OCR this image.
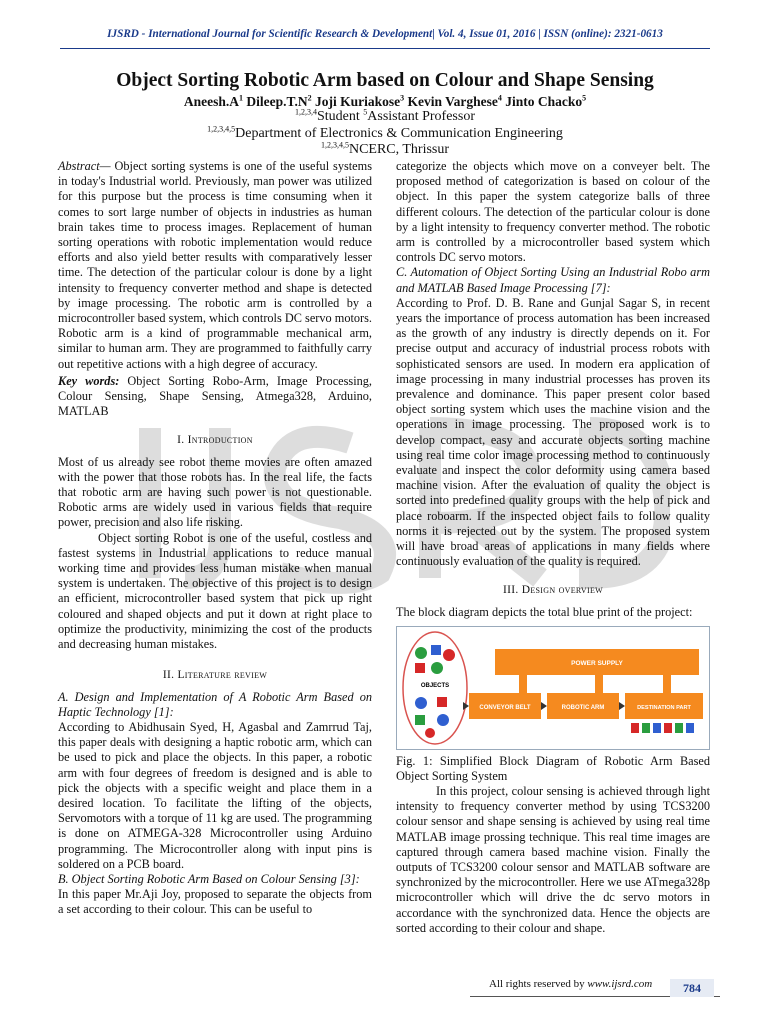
IJSRD - International Journal for Scientific Research & Development| Vol. 4, Issue 01, 2016 | ISSN (online): 2321-0613
Object Sorting Robotic Arm based on Colour and Shape Sensing
$Aneesh.A^1$ $Dileep.T.N^2$ Joji Kuriakose$^3$ Kevin Varghese$^4$ Jinto Chacko$^5$
$^{1,2,3,4}$Student $^5$Assistant Professor
$^{1,2,3,4,5}$Department of Electronics & Communication Engineering
$^{1,2,3,4,5}$NCERC, Thrissur

Abstract— Object sorting systems is one of the useful systems in today's Industrial world. Previously, man power was utilized for this purpose but the process is time consuming when it comes to sort large number of objects in industries as human brain takes time to process images. Replacement of human sorting operations with robotic implementation would reduce efforts and also yield better results with comparatively lesser time. The detection of the particular colour is done by a light intensity to frequency converter method and shape is detected by image processing. The robotic arm is controlled by a microcontroller based system, which controls DC servo motors. Robotic arm is a kind of programmable mechanical arm, similar to human arm. They are programmed to faithfully carry out repetitive actions with a high degree of accuracy.

Key words: Object Sorting Robo-Arm, Image Processing, Colour Sensing, Shape Sensing, Atmega328, Arduino, MATLAB

I. Introduction

Most of us already see robot theme movies are often amazed with the power that those robots has. In the real life, the facts that robotic arm are having such power is not questionable. Robotic arms are widely used in various fields that require power, precision and also life risking.

Object sorting Robot is one of the useful, costless and fastest systems in Industrial applications to reduce manual working time and provides less human mistake when manual system is undertaken. The objective of this project is to design an efficient, microcontroller based system that pick up right coloured and shaped objects and put it down at right place to optimize the productivity, minimizing the cost of the products and decreasing human mistakes.

II. Literature review

A. Design and Implementation of A Robotic Arm Based on Haptic Technology [1]:

According to Abidhusain Syed, H, Agasbal and Zamrrud Taj, this paper deals with designing a haptic robotic arm, which can be used to pick and place the objects. In this paper, a robotic arm with four degrees of freedom is designed and is able to pick the objects with a specific weight and place them in a desired location. To facilitate the lifting of the objects, Servomotors with a torque of 11 kg are used. The programming is done on ATMEGA-328 Microcontroller using Arduino programming. The Microcontroller along with input pins is soldered on a PCB board.

B. Object Sorting Robotic Arm Based on Colour Sensing [3]:

In this paper Mr.Aji Joy, proposed to separate the objects from a set according to their colour. This can be useful to

categorize the objects which move on a conveyer belt. The proposed method of categorization is based on colour of the object. In this paper the system categorize balls of three different colours. The detection of the particular colour is done by a light intensity to frequency converter method. The robotic arm is controlled by a microcontroller based system which controls DC servo motors.

C. Automation of Object Sorting Using an Industrial Robo arm and MATLAB Based Image Processing [7]:

According to Prof. D. B. Rane and Gunjal Sagar S, in recent years the importance of process automation has been increased as the growth of any industry is directly depends on it. For precise output and accuracy of industrial process robots with sophisticated sensors are used. In modern era application of image processing in many industrial processes has proven its prevalence and dominance. This paper present color based object sorting system which uses the machine vision and the operations in image processing. The proposed work is to develop compact, easy and accurate objects sorting machine using real time color image processing method to continuously evaluate and inspect the color deformity using camera based machine vision. After the evaluation of quality the object is sorted into predefined quality groups with the help of pick and place roboarm. If the inspected object fails to follow quality norms it is rejected out by the system. The proposed system will have broad areas of applications in many fields where continuously evaluation of the quality is required.

III. Design overview

The block diagram depicts the total blue print of the project:

OBJECTS
POWER SUPPLY
CONVEYOR BELT	ROBOTIC ARM	DESTINATION PART

Fig. 1: Simplified Block Diagram of Robotic Arm Based Object Sorting System

In this project, colour sensing is achieved through light intensity to frequency converter method by using TCS3200 colour sensor and shape sensing is achieved by using real time MATLAB image prossing technique. This real time images are captured through camera based machine vision. Finally the outputs of TCS3200 colour sensor and MATLAB software are synchronized by the microcontroller. Here we use ATmega328p microcontroller which will drive the dc servo motors in accordance with the synchronized data. Hence the objects are sorted according to their colour and shape.

All rights reserved by www.ijsrd.com	784
